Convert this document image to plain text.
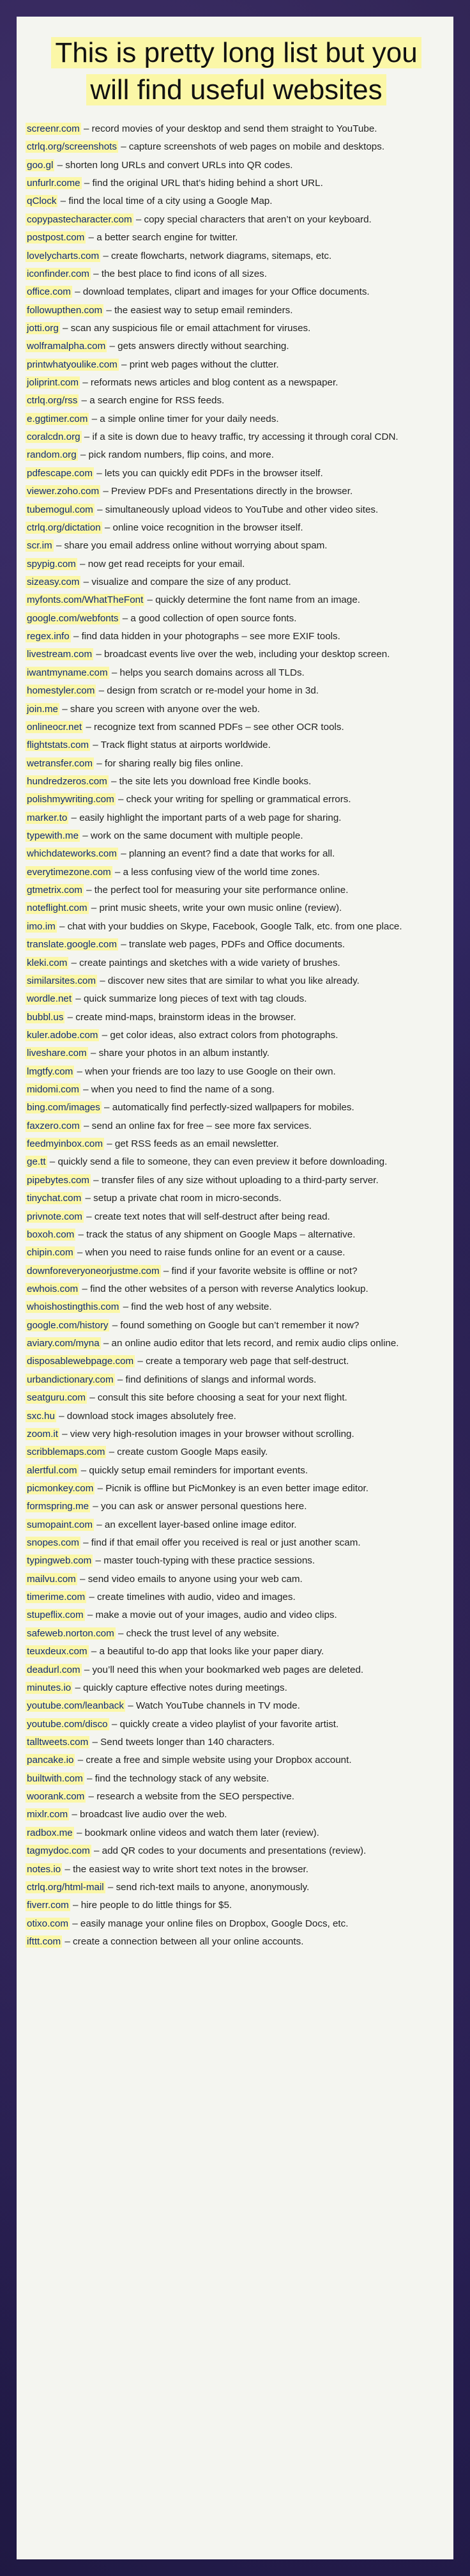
This is pretty long list but you will find useful websites
screenr.com – record movies of your desktop and send them straight to YouTube.
ctrlq.org/screenshots – capture screenshots of web pages on mobile and desktops.
goo.gl – shorten long URLs and convert URLs into QR codes.
unfurlr.come – find the original URL that’s hiding behind a short URL.
qClock – find the local time of a city using a Google Map.
copypastecharacter.com – copy special characters that aren’t on your keyboard.
postpost.com – a better search engine for twitter.
lovelycharts.com – create flowcharts, network diagrams, sitemaps, etc.
iconfinder.com – the best place to find icons of all sizes.
office.com – download templates, clipart and images for your Office documents.
followupthen.com – the easiest way to setup email reminders.
jotti.org – scan any suspicious file or email attachment for viruses.
wolframalpha.com – gets answers directly without searching.
printwhatyoulike.com – print web pages without the clutter.
joliprint.com – reformats news articles and blog content as a newspaper.
ctrlq.org/rss – a search engine for RSS feeds.
e.ggtimer.com – a simple online timer for your daily needs.
coralcdn.org – if a site is down due to heavy traffic, try accessing it through coral CDN.
random.org – pick random numbers, flip coins, and more.
pdfescape.com – lets you can quickly edit PDFs in the browser itself.
viewer.zoho.com – Preview PDFs and Presentations directly in the browser.
tubemogul.com – simultaneously upload videos to YouTube and other video sites.
ctrlq.org/dictation – online voice recognition in the browser itself.
scr.im – share you email address online without worrying about spam.
spypig.com – now get read receipts for your email.
sizeasy.com – visualize and compare the size of any product.
myfonts.com/WhatTheFont – quickly determine the font name from an image.
google.com/webfonts – a good collection of open source fonts.
regex.info – find data hidden in your photographs – see more EXIF tools.
livestream.com – broadcast events live over the web, including your desktop screen.
iwantmyname.com – helps you search domains across all TLDs.
homestyler.com – design from scratch or re-model your home in 3d.
join.me – share you screen with anyone over the web.
onlineocr.net – recognize text from scanned PDFs – see other OCR tools.
flightstats.com – Track flight status at airports worldwide.
wetransfer.com – for sharing really big files online.
hundredzeros.com – the site lets you download free Kindle books.
polishmywriting.com – check your writing for spelling or grammatical errors.
marker.to – easily highlight the important parts of a web page for sharing.
typewith.me – work on the same document with multiple people.
whichdateworks.com – planning an event? find a date that works for all.
everytimezone.com – a less confusing view of the world time zones.
gtmetrix.com – the perfect tool for measuring your site performance online.
noteflight.com – print music sheets, write your own music online (review).
imo.im – chat with your buddies on Skype, Facebook, Google Talk, etc. from one place.
translate.google.com – translate web pages, PDFs and Office documents.
kleki.com – create paintings and sketches with a wide variety of brushes.
similarsites.com – discover new sites that are similar to what you like already.
wordle.net – quick summarize long pieces of text with tag clouds.
bubbl.us – create mind-maps, brainstorm ideas in the browser.
kuler.adobe.com – get color ideas, also extract colors from photographs.
liveshare.com – share your photos in an album instantly.
lmgtfy.com – when your friends are too lazy to use Google on their own.
midomi.com – when you need to find the name of a song.
bing.com/images – automatically find perfectly-sized wallpapers for mobiles.
faxzero.com – send an online fax for free – see more fax services.
feedmyinbox.com – get RSS feeds as an email newsletter.
ge.tt – quickly send a file to someone, they can even preview it before downloading.
pipebytes.com – transfer files of any size without uploading to a third-party server.
tinychat.com – setup a private chat room in micro-seconds.
privnote.com – create text notes that will self-destruct after being read.
boxoh.com – track the status of any shipment on Google Maps – alternative.
chipin.com – when you need to raise funds online for an event or a cause.
downforeveryoneorjustme.com – find if your favorite website is offline or not?
ewhois.com – find the other websites of a person with reverse Analytics lookup.
whoishostingthis.com – find the web host of any website.
google.com/history – found something on Google but can’t remember it now?
aviary.com/myna – an online audio editor that lets record, and remix audio clips online.
disposablewebpage.com – create a temporary web page that self-destruct.
urbandictionary.com – find definitions of slangs and informal words.
seatguru.com – consult this site before choosing a seat for your next flight.
sxc.hu – download stock images absolutely free.
zoom.it – view very high-resolution images in your browser without scrolling.
scribblemaps.com – create custom Google Maps easily.
alertful.com – quickly setup email reminders for important events.
picmonkey.com – Picnik is offline but PicMonkey is an even better image editor.
formspring.me – you can ask or answer personal questions here.
sumopaint.com – an excellent layer-based online image editor.
snopes.com – find if that email offer you received is real or just another scam.
typingweb.com – master touch-typing with these practice sessions.
mailvu.com – send video emails to anyone using your web cam.
timerime.com – create timelines with audio, video and images.
stupeflix.com – make a movie out of your images, audio and video clips.
safeweb.norton.com – check the trust level of any website.
teuxdeux.com – a beautiful to-do app that looks like your paper diary.
deadurl.com – you’ll need this when your bookmarked web pages are deleted.
minutes.io – quickly capture effective notes during meetings.
youtube.com/leanback – Watch YouTube channels in TV mode.
youtube.com/disco – quickly create a video playlist of your favorite artist.
talltweets.com – Send tweets longer than 140 characters.
pancake.io – create a free and simple website using your Dropbox account.
builtwith.com – find the technology stack of any website.
woorank.com – research a website from the SEO perspective.
mixlr.com – broadcast live audio over the web.
radbox.me – bookmark online videos and watch them later (review).
tagmydoc.com – add QR codes to your documents and presentations (review).
notes.io – the easiest way to write short text notes in the browser.
ctrlq.org/html-mail – send rich-text mails to anyone, anonymously.
fiverr.com – hire people to do little things for $5.
otixo.com – easily manage your online files on Dropbox, Google Docs, etc.
ifttt.com – create a connection between all your online accounts.
